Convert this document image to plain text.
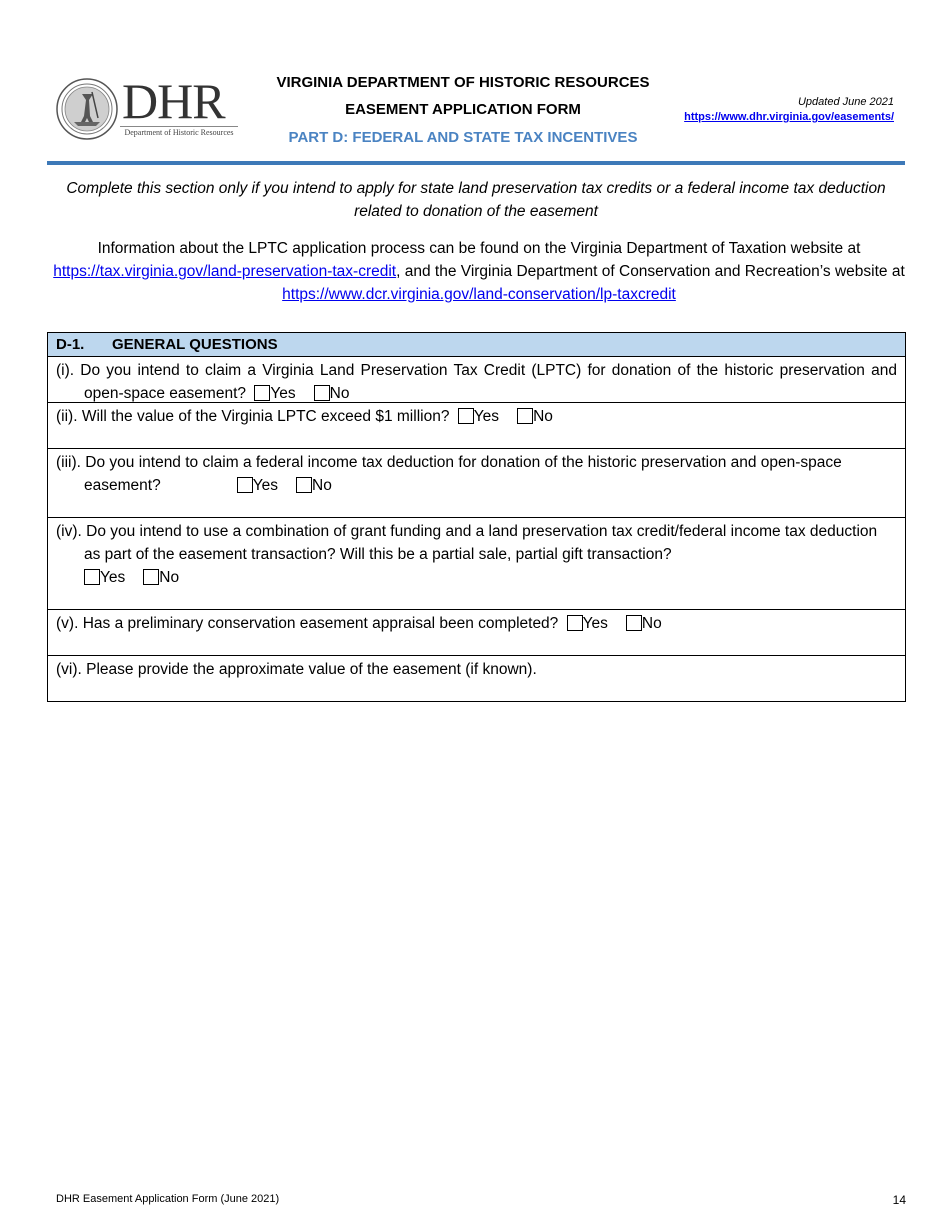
DHR
Department of Historic Resources
VIRGINIA DEPARTMENT OF HISTORIC RESOURCES
EASEMENT APPLICATION FORM
PART D: FEDERAL AND STATE TAX INCENTIVES
Updated June 2021
https://www.dhr.virginia.gov/easements/
Complete this section only if you intend to apply for state land preservation tax credits or a federal income tax deduction related to donation of the easement
Information about the LPTC application process can be found on the Virginia Department of Taxation website at https://tax.virginia.gov/land-preservation-tax-credit, and the Virginia Department of Conservation and Recreation’s website at https://www.dcr.virginia.gov/land-conservation/lp-taxcredit
D-1. GENERAL QUESTIONS
(i). Do you intend to claim a Virginia Land Preservation Tax Credit (LPTC) for donation of the historic preservation and open-space easement? Yes No
(ii). Will the value of the Virginia LPTC exceed $1 million? Yes No
(iii). Do you intend to claim a federal income tax deduction for donation of the historic preservation and open-space easement?	Yes No
(iv). Do you intend to use a combination of grant funding and a land preservation tax credit/federal income tax deduction as part of the easement transaction? Will this be a partial sale, partial gift transaction?
Yes No
(v). Has a preliminary conservation easement appraisal been completed? Yes No
(vi). Please provide the approximate value of the easement (if known).
DHR Easement Application Form (June 2021)	14
